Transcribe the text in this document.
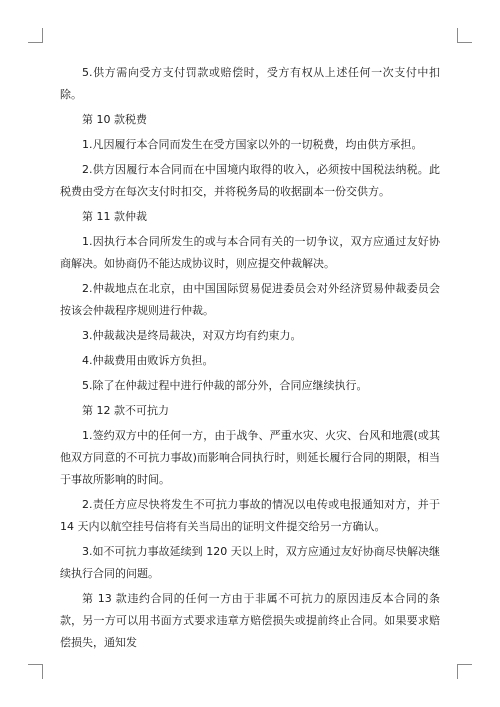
5.供方需向受方支付罚款或赔偿时，受方有权从上述任何一次支付中扣除。

第 10 款税费

1.凡因履行本合同而发生在受方国家以外的一切税费，均由供方承担。

2.供方因履行本合同而在中国境内取得的收入，必须按中国税法纳税。此税费由受方在每次支付时扣交，并将税务局的收据副本一份交供方。

第 11 款仲裁

1.因执行本合同所发生的或与本合同有关的一切争议，双方应通过友好协商解决。如协商仍不能达成协议时，则应提交仲裁解决。

2.仲裁地点在北京，由中国国际贸易促进委员会对外经济贸易仲裁委员会按该会仲裁程序规则进行仲裁。

3.仲裁裁决是终局裁决，对双方均有约束力。

4.仲裁费用由败诉方负担。

5.除了在仲裁过程中进行仲裁的部分外，合同应继续执行。

第 12 款不可抗力

1.签约双方中的任何一方，由于战争、严重水灾、火灾、台风和地震(或其他双方同意的不可抗力事故)而影响合同执行时，则延长履行合同的期限，相当于事故所影响的时间。

2.责任方应尽快将发生不可抗力事故的情况以电传或电报通知对方，并于 14 天内以航空挂号信将有关当局出的证明文件提交给另一方确认。

3.如不可抗力事故延续到 120 天以上时，双方应通过友好协商尽快解决继续执行合同的问题。

第 13 款违约合同的任何一方由于非属不可抗力的原因违反本合同的条款，另一方可以用书面方式要求违章方赔偿损失或提前终止合同。如果要求赔偿损失，通知发
